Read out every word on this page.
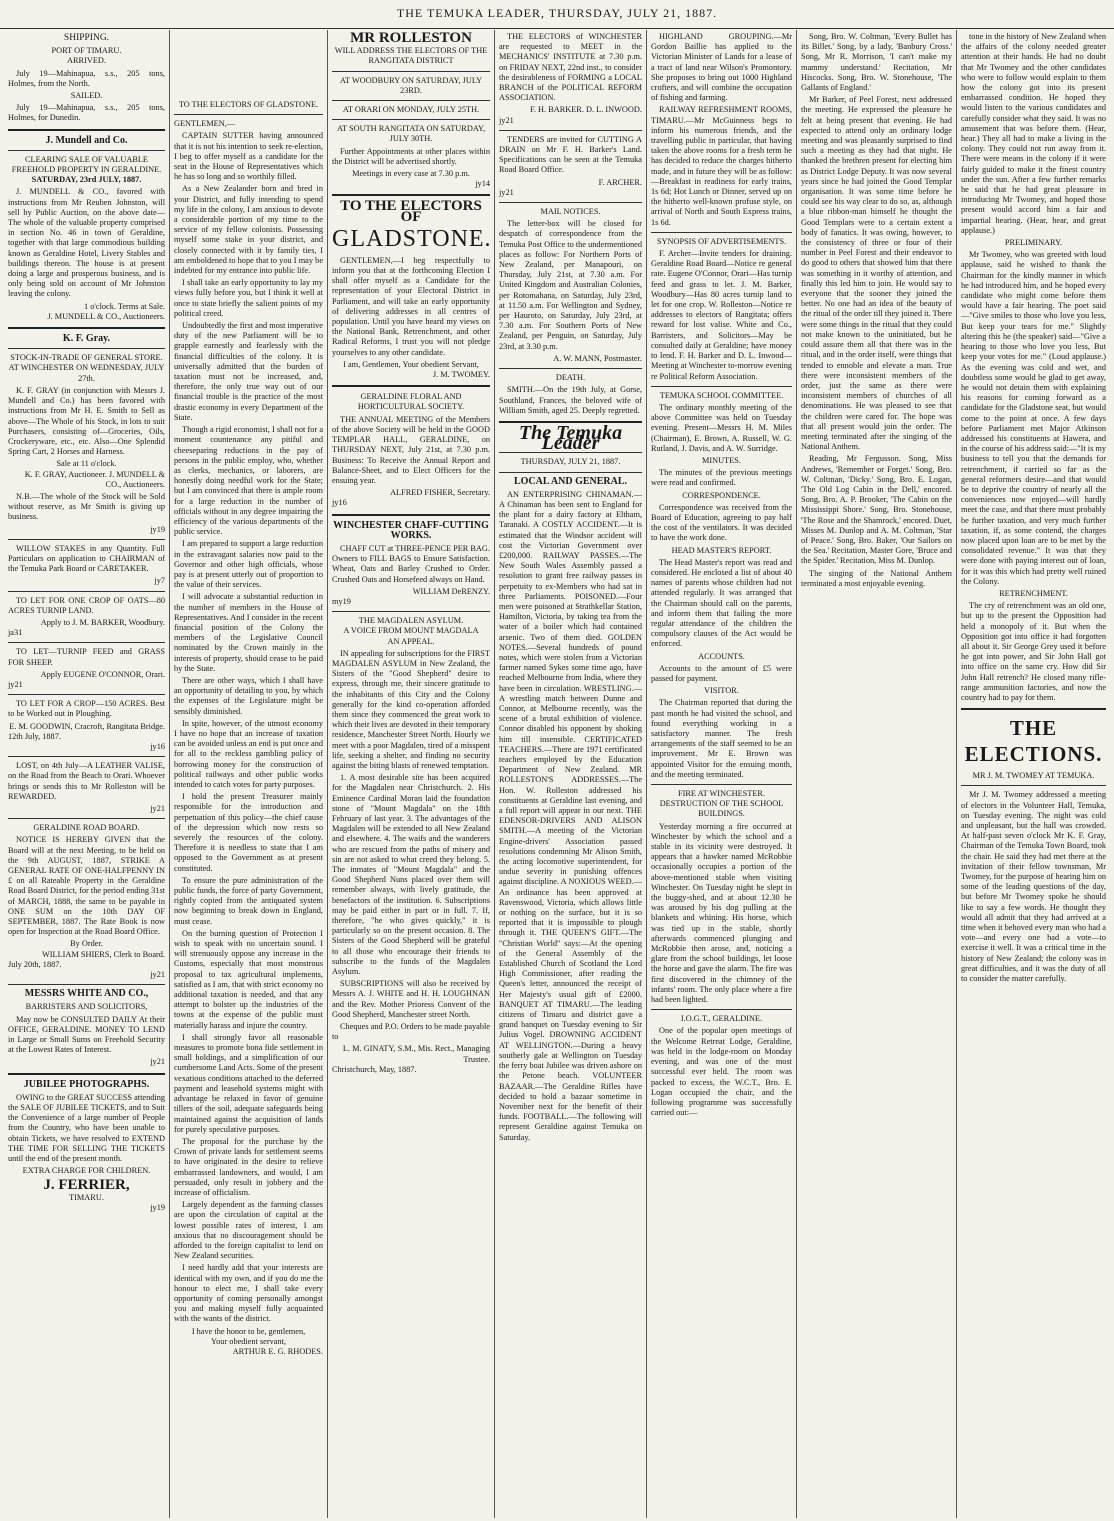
THE TEMUKA LEADER, THURSDAY, JULY 21, 1887.
SHIPPING.
PORT OF TIMARU.
ARRIVED.

July 19—Mahinapua, s.s., 205 tons, Holmes, from the North.

SAILED.

July 19—Mahinapua, s.s., 205 tons, Holmes, for Dunedin.

J. Mundell and Co.
CLEARING SALE OF VALUABLE FREEHOLD PROPERTY IN GERALDINE.
SATURDAY, 23rd JULY, 1887.

J. MUNDELL & CO., favored with instructions from Mr Reuben Johnston, will sell by Public Auction, on the above date—The whole of the valuable property comprised in section No. 46 in town of Geraldine, together with that large commodious building known as Geraldine Hotel, Livery Stables and buildings thereon. The house is at present doing a large and prosperous business, and is only being sold on account of Mr Johnston leaving the colony.

1 o'clock. Terms at Sale.
J. MUNDELL & CO., Auctioneers.
K. F. Gray.
STOCK-IN-TRADE OF GENERAL STORE.
AT WINCHESTER ON WEDNESDAY, JULY 27th.

K. F. GRAY (in conjunction with Messrs J. Mundell and Co.) has been favored with instructions from Mr H. E. Smith to Sell as above—The Whole of his Stock, in lots to suit Purchasers, consisting of—Groceries, Oils, Crockeryware, etc., etc. Also—One Splendid Spring Cart, 2 Horses and Harness.

Sale at 11 o'clock.
K. F. GRAY, Auctioneer. J. MUNDELL & CO., Auctioneers.

N.B.—The whole of the Stock will be Sold without reserve, as Mr Smith is giving up business.

jy19

WILLOW STAKES in any Quantity. Full Particulars on application to CHAIRMAN of the Temuka Park Board or CARETAKER.

jy7

TO LET FOR ONE CROP OF OATS—80 ACRES TURNIP LAND.

Apply to J. M. BARKER, Woodbury.
ja31

TO LET—TURNIP FEED and GRASS FOR SHEEP.

Apply EUGENE O'CONNOR, Orari.
jy21

TO LET FOR A CROP—150 ACRES. Best to be Worked out in Ploughing.

E. M. GOODWIN, Cracroft, Rangitata Bridge.
12th July, 1887.
jy16

LOST, on 4th July—A LEATHER VALISE, on the Road from the Beach to Orari. Whoever brings or sends this to Mr Rolleston will be REWARDED.

jy21
GERALDINE ROAD BOARD.

NOTICE IS HEREBY GIVEN that the Board will at the next Meeting, to be held on the 9th AUGUST, 1887, STRIKE A GENERAL RATE OF ONE-HALFPENNY IN £ on all Rateable Property in the Geraldine Road Board District, for the period ending 31st of MARCH, 1888, the same to be payable in ONE SUM on the 10th DAY OF SEPTEMBER, 1887. The Rate Book is now open for Inspection at the Road Board Office.

By Order.
WILLIAM SHIERS, Clerk to Board.
July 20th, 1887.
jy21
MESSRS WHITE AND CO.,
BARRISTERS AND SOLICITORS,

May now be CONSULTED DAILY At their OFFICE, GERALDINE. MONEY TO LEND in Large or Small Sums on Freehold Security at the Lowest Rates of Interest.

jy21
JUBILEE PHOTOGRAPHS.

OWING to the GREAT SUCCESS attending the SALE OF JUBILEE TICKETS, and to Suit the Convenience of a large number of People from the Country, who have been unable to obtain Tickets, we have resolved to EXTEND THE TIME FOR SELLING THE TICKETS until the end of the present month.

EXTRA CHARGE FOR CHILDREN.
J. FERRIER,
TIMARU.
jy19
TO THE ELECTORS OF GLADSTONE.
GENTLEMEN,—

CAPTAIN SUTTER having announced that it is not his intention to seek re-election, I beg to offer myself as a candidate for the seat in the House of Representatives which he has so long and so worthily filled.

As a New Zealander born and bred in your District, and fully intending to spend my life in the colony, I am anxious to devote a considerable portion of my time to the service of my fellow colonists. Possessing myself some stake in your district, and closely connected with it by family ties, I am emboldened to hope that to you I may be indebted for my entrance into public life.

I shall take an early opportunity to lay my views fully before you, but I think it well at once to state briefly the salient points of my political creed.

Undoubtedly the first and most imperative duty of the new Parliament will be to grapple earnestly and fearlessly with the financial difficulties of the colony. It is universally admitted that the burden of taxation must not be increased, and, therefore, the only true way out of our financial trouble is the practice of the most drastic economy in every Department of the State.

Though a rigid economist, I shall not for a moment countenance any pitiful and cheeseparing reductions in the pay of persons in the public employ, who, whether as clerks, mechanics, or laborers, are honestly doing needful work for the State; but I am convinced that there is ample room for a large reduction in the number of officials without in any degree impairing the efficiency of the various departments of the public service.

I am prepared to support a large reduction in the extravagant salaries now paid to the Governor and other high officials, whose pay is at present utterly out of proportion to the value of their services.

I will advocate a substantial reduction in the number of members in the House of Representatives. And I consider in the recent financial position of the Colony the members of the Legislative Council nominated by the Crown mainly in the interests of property, should cease to be paid by the State.

There are other ways, which I shall have an opportunity of detailing to you, by which the expenses of the Legislature might be sensibly diminished.

In spite, however, of the utmost economy I have no hope that an increase of taxation can be avoided unless an end is put once and for all to the reckless gambling policy of borrowing money for the construction of political railways and other public works intended to catch votes for party purposes.

I hold the present Treasurer mainly responsible for the introduction and perpetuation of this policy—the chief cause of the depression which now rests so severely the resources of the colony. Therefore it is needless to state that I am opposed to the Government as at present constituted.

To ensure the pure administration of the public funds, the force of party Government, rightly copied from the antiquated system now beginning to break down in England, must cease.

On the burning question of Protection I wish to speak with no uncertain sound. I will strenuously oppose any increase in the Customs, especially that most monstrous proposal to tax agricultural implements, satisfied as I am, that with strict economy no additional taxation is needed, and that any attempt to bolster up the industries of the towns at the expense of the public must materially harass and injure the country.

I shall strongly favor all reasonable measures to promote bona fide settlement in small holdings, and a simplification of our cumbersome Land Acts. Some of the present vexatious conditions attached to the deferred payment and leasehold systems might with advantage be relaxed in favor of genuine tillers of the soil, adequate safeguards being maintained against the acquisition of lands for purely speculative purposes.

The proposal for the purchase by the Crown of private lands for settlement seems to have originated in the desire to relieve embarrassed landowners, and would, I am persuaded, only result in jobbery and the increase of officialism.

Largely dependent as the farming classes are upon the circulation of capital at the lowest possible rates of interest, I am anxious that no discouragement should be afforded to the foreign capitalist to lend on New Zealand securities.

I need hardly add that your interests are identical with my own, and if you do me the honour to elect me, I shall take every opportunity of coming personally amongst you and making myself fully acquainted with the wants of the district.

I have the honor to be, gentlemen,
Your obedient servant,
ARTHUR E. G. RHODES.
MR ROLLESTON
WILL ADDRESS THE ELECTORS OF THE RANGITATA DISTRICT
AT WOODBURY ON SATURDAY, JULY 23RD.
AT ORARI ON MONDAY, JULY 25TH.
AT SOUTH RANGITATA ON SATURDAY, JULY 30TH.

Further Appointments at other places within the District will be advertised shortly.

Meetings in every case at 7.30 p.m.
jy14
TO THE ELECTORS OF
GLADSTONE.

GENTLEMEN,—I beg respectfully to inform you that at the forthcoming Election I shall offer myself as a Candidate for the representation of your Electoral District in Parliament, and will take an early opportunity of delivering addresses in all centres of population. Until you have heard my views on the National Bank, Retrenchment, and other Radical Reforms, I trust you will not pledge yourselves to any other candidate.

I am, Gentlemen, Your obedient Servant,
J. M. TWOMEY.
GERALDINE FLORAL AND HORTICULTURAL SOCIETY.

THE ANNUAL MEETING of the Members of the above Society will be held in the GOOD TEMPLAR HALL, GERALDINE, on THURSDAY NEXT, July 21st, at 7.30 p.m. Business: To Receive the Annual Report and Balance-Sheet, and to Elect Officers for the ensuing year.

ALFRED FISHER, Secretary.
jy16
WINCHESTER CHAFF-CUTTING WORKS.

CHAFF CUT at THREE-PENCE PER BAG. Owners to FILL BAGS to Ensure Satisfaction. Wheat, Oats and Barley Crushed to Order. Crushed Oats and Horsefeed always on Hand.

WILLIAM DeRENZY.
my19
THE MAGDALEN ASYLUM.
A VOICE FROM MOUNT MAGDALA
AN APPEAL.

IN appealing for subscriptions for the FIRST MAGDALEN ASYLUM in New Zealand, the Sisters of the "Good Shepherd" desire to express, through me, their sincere gratitude to the inhabitants of this City and the Colony generally for the kind co-operation afforded them since they commenced the great work to which their lives are devoted in their temporary residence, Manchester Street North. Hourly we meet with a poor Magdalen, tired of a misspent life, seeking a shelter, and finding no security against the biting blasts of renewed temptation.

1. A most desirable site has been acquired for the Magdalen near Christchurch. 2. His Eminence Cardinal Moran laid the foundation stone of "Mount Magdala" on the 18th February of last year. 3. The advantages of the Magdalen will be extended to all New Zealand and elsewhere. 4. The waifs and the wanderers who are rescued from the paths of misery and sin are not asked to what creed they belong. 5. The inmates of "Mount Magdala" and the Good Shepherd Nuns placed over them will remember always, with lively gratitude, the benefactors of the institution. 6. Subscriptions may be paid either in part or in full. 7. If, therefore, "he who gives quickly," it is particularly so on the present occasion. 8. The Sisters of the Good Shepherd will be grateful to all those who encourage their friends to subscribe to the funds of the Magdalen Asylum.

SUBSCRIPTIONS will also be received by Messrs A. J. WHITE and H. H. LOUGHNAN and the Rev. Mother Prioress Convent of the Good Shepherd, Manchester street North.

Cheques and P.O. Orders to be made payable to

L. M. GINATY, S.M., Mis. Rect., Managing Trustee.
Christchurch, May, 1887.

THE ELECTORS of WINCHESTER are requested to MEET in the MECHANICS' INSTITUTE at 7.30 p.m. on FRIDAY NEXT, 22nd inst., to consider the desirableness of FORMING a LOCAL BRANCH of the POLITICAL REFORM ASSOCIATION.

F. H. BARKER. D. L. INWOOD.
jy21

TENDERS are invited for CUTTING A DRAIN on Mr F. H. Barker's Land. Specifications can be seen at the Temuka Road Board Office.

F. ARCHER.
jy21
MAIL NOTICES.

The letter-box will be closed for despatch of correspondence from the Temuka Post Office to the undermentioned places as follow: For Northern Ports of New Zealand, per Manapouri, on Thursday, July 21st, at 7.30 a.m. For United Kingdom and Australian Colonies, per Rotomahana, on Saturday, July 23rd, at 11.50 a.m. For Wellington and Sydney, per Hauroto, on Saturday, July 23rd, at 7.30 a.m. For Southern Ports of New Zealand, per Penguin, on Saturday, July 23rd, at 3.30 p.m.

A. W. MANN, Postmaster.
DEATH.

SMITH.—On the 19th July, at Gorse, Southland, Frances, the beloved wife of William Smith, aged 25. Deeply regretted.

The Temuka Leader
THURSDAY, JULY 21, 1887.
LOCAL AND GENERAL.

AN ENTERPRISING CHINAMAN.—A Chinaman has been sent to England for the plant for a dairy factory at Eltham, Taranaki. A COSTLY ACCIDENT.—It is estimated that the Windsor accident will cost the Victorian Government over £200,000. RAILWAY PASSES.—The New South Wales Assembly passed a resolution to grant free railway passes in perpetuity to ex-Members who had sat in three Parliaments. POISONED.—Four men were poisoned at Strathkellar Station, Hamilton, Victoria, by taking tea from the water of a boiler which had contained arsenic. Two of them died. GOLDEN NOTES.—Several hundreds of pound notes, which were stolen from a Victorian farmer named Sykes some time ago, have reached Melbourne from India, where they have been in circulation. WRESTLING.—A wrestling match between Dunne and Connor, at Melbourne recently, was the scene of a brutal exhibition of violence. Connor disabled his opponent by shoking him till insensible. CERTIFICATED TEACHERS.—There are 1971 certificated teachers employed by the Education Department of New Zealand. MR ROLLESTON'S ADDRESSES.—The Hon. W. Rolleston addressed his constituents at Geraldine last evening, and a full report will appear in our next. THE EDENSOR-DRIVERS AND ALISON SMITH.—A meeting of the Victorian Engine-drivers' Association passed resolutions condemning Mr Alison Smith, the acting locomotive superintendent, for undue severity in punishing offences against discipline. A NOXIOUS WEED.—An ordinance has been approved at Ravenswood, Victoria, which allows little or nothing on the surface, but it is so reported that it is impossible to plough through it. THE QUEEN'S GIFT.—The "Christian World" says:—At the opening of the General Assembly of the Established Church of Scotland the Lord High Commissioner, after reading the Queen's letter, announced the receipt of Her Majesty's usual gift of £2000. BANQUET AT TIMARU.—The leading citizens of Timaru and district gave a grand banquet on Tuesday evening to Sir Julius Vogel. DROWNING ACCIDENT AT WELLINGTON.—During a heavy southerly gale at Wellington on Tuesday the ferry boat Jubilee was driven ashore on the Petone beach. VOLUNTEER BAZAAR.—The Geraldine Rifles have decided to hold a bazaar sometime in November next for the benefit of their funds. FOOTBALL.—The following will represent Geraldine against Temuka on Saturday.

HIGHLAND GROUPING.—Mr Gordon Baillie has applied to the Victorian Minister of Lands for a lease of a tract of land near Wilson's Promontory. She proposes to bring out 1000 Highland crofters, and will combine the occupation of fishing and farming.

RAILWAY REFRESHMENT ROOMS, TIMARU.—Mr McGuinness begs to inform his numerous friends, and the travelling public in particular, that having taken the above rooms for a fresh term he has decided to reduce the charges hitherto made, and in future they will be as follow:—Breakfast in readiness for early trains, 1s 6d; Hot Lunch or Dinner, served up on the hitherto well-known profuse style, on arrival of North and South Express trains, 1s 6d.

SYNOPSIS OF ADVERTISEMENTS.

F. Archer—Invite tenders for draining. Geraldine Road Board—Notice re general rate. Eugene O'Connor, Orari—Has turnip feed and grass to let. J. M. Barker, Woodbury—Has 80 acres turnip land to let for one crop. W. Rolleston—Notice re addresses to electors of Rangitata; offers reward for lost valise. White and Co., Barristers, and Solicitors—May be consulted daily at Geraldine; have money to lend. F. H. Barker and D. L. Inwood—Meeting at Winchester to-morrow evening re Political Reform Association.

TEMUKA SCHOOL COMMITTEE.

The ordinary monthly meeting of the above Committee was held on Tuesday evening. Present—Messrs H. M. Miles (Chairman), E. Brown, A. Russell, W. G. Rutland, J. Davis, and A. W. Surridge.

MINUTES.

The minutes of the previous meetings were read and confirmed.

CORRESPONDENCE.

Correspondence was received from the Board of Education, agreeing to pay half the cost of the ventilators. It was decided to have the work done.

HEAD MASTER'S REPORT.

The Head Master's report was read and considered. He enclosed a list of about 40 names of parents whose children had not attended regularly. It was arranged that the Chairman should call on the parents, and inform them that failing the more regular attendance of the children the compulsory clauses of the Act would be enforced.

ACCOUNTS.

Accounts to the amount of £5 were passed for payment.

VISITOR.

The Chairman reported that during the past month he had visited the school, and found everything working in a satisfactory manner. The fresh arrangements of the staff seemed to be an improvement. Mr E. Brown was appointed Visitor for the ensuing month, and the meeting terminated.

FIRE AT WINCHESTER.
DESTRUCTION OF THE SCHOOL BUILDINGS.

Yesterday morning a fire occurred at Winchester by which the school and a stable in its vicinity were destroyed. It appears that a hawker named McRobbie occasionally occupies a portion of the above-mentioned stable when visiting Winchester. On Tuesday night he slept in the buggy-shed, and at about 12.30 he was aroused by his dog pulling at the blankets and whining. His horse, which was tied up in the stable, shortly afterwards commenced plunging and McRobbie then arose, and, noticing a glare from the school buildings, let loose the horse and gave the alarm. The fire was first discovered in the chimney of the infants' room. The only place where a fire had been lighted.

I.O.G.T., GERALDINE.

One of the popular open meetings of the Welcome Retreat Lodge, Geraldine, was held in the lodge-room on Monday evening, and was one of the most successful ever held. The room was packed to excess, the W.C.T., Bro. E. Logan occupied the chair, and the following programme was successfully carried out:—

Song, Bro. W. Coltman, 'Every Bullet has its Billet.' Song, by a lady, 'Banbury Cross.' Song, Mr R. Morrison, 'I can't make my mammy understand.' Recitation, Mr Hiscocks. Song, Bro. W. Stonehouse, 'The Gallants of England.'

Mr Barker, of Peel Forest, next addressed the meeting. He expressed the pleasure he felt at being present that evening. He had expected to attend only an ordinary lodge meeting and was pleasantly surprised to find such a meeting as they had that night. He thanked the brethren present for electing him as District Lodge Deputy. It was now several years since he had joined the Good Templar organisation. It was some time before he could see his way clear to do so, as, although a blue ribbon-man himself he thought the Good Templars were to a certain extent a body of fanatics. It was owing, however, to the consistency of three or four of their number in Peel Forest and their endeavor to do good to others that showed him that there was something in it worthy of attention, and finally this led him to join. He would say to everyone that the sooner they joined the better. No one had an idea of the beauty of the ritual of the order till they joined it. There were some things in the ritual that they could not make known to the uninitiated, but he could assure them all that there was in the ritual, and in the order itself, were things that tended to ennoble and elevate a man. True there were inconsistent members of the order, just the same as there were inconsistent members of churches of all denominations. He was pleased to see that the children were cared for. The hope was that all present would join the order. The meeting terminated after the singing of the National Anthem.

Reading, Mr Fergusson. Song, Miss Andrews, 'Remember or Forget.' Song, Bro. W. Coltman, 'Dicky.' Song, Bro. E. Logan, 'The Old Log Cabin in the Dell,' encored. Song, Bro. A. P. Brooker, 'The Cabin on the Mississippi Shore.' Song, Bro. Stonehouse, 'The Rose and the Shamrock,' encored. Duet, Misses M. Dunlop and A. M. Coltman, 'Star of Peace.' Song, Bro. Baker, 'Our Sailors on the Sea.' Recitation, Master Gore, 'Bruce and the Spider.' Recitation, Miss M. Dunlop.

The singing of the National Anthem terminated a most enjoyable evening.

tone in the history of New Zealand when the affairs of the colony needed greater attention at their hands. He had no doubt that Mr Twomey and the other candidates who were to follow would explain to them how the colony got into its present embarrassed condition. He hoped they would listen to the various candidates and carefully consider what they said. It was no amusement that was before them. (Hear, hear.) They all had to make a living in the colony. They could not run away from it. There were means in the colony if it were fairly guided to make it the finest country under the sun. After a few further remarks he said that he had great pleasure in introducing Mr Twomey, and hoped those present would accord him a fair and impartial hearing. (Hear, hear, and great applause.)

PRELIMINARY.

Mr Twomey, who was greeted with loud applause, said he wished to thank the Chairman for the kindly manner in which he had introduced him, and he hoped every candidate who might come before them would have a fair hearing. The poet said—"Give smiles to those who love you less, But keep your tears for me." Slightly altering this he (the speaker) said—"Give a hearing to those who love you less, But keep your votes for me." (Loud applause.) As the evening was cold and wet, and doubtless some would be glad to get away, he would not detain them with explaining his reasons for coming forward as a candidate for the Gladstone seat, but would come to the point at once. A few days before Parliament met Major Atkinson addressed his constituents at Hawera, and in the course of his address said:—"It is my business to tell you that the demands for retrenchment, if carried so far as the general reformers desire—and that would be to deprive the country of nearly all the conveniences now enjoyed—will hardly meet the case, and that there must probably be further taxation, and very much further taxation, if, as some contend, the charges now placed upon loan are to be met by the consolidated revenue." It was that they were done with paying interest out of loan, for it was this which had pretty well ruined the Colony.

RETRENCHMENT.

The cry of retrenchment was an old one, but up to the present the Opposition had held a monopoly of it. But when the Opposition got into office it had forgotten all about it. Sir George Grey used it before he got into power, and Sir John Hall got into office on the same cry. How did Sir John Hall retrench? He closed many rifle-range ammunition factories, and now the country had to pay for them.

THE ELECTIONS.
MR J. M. TWOMEY AT TEMUKA.

Mr J. M. Twomey addressed a meeting of electors in the Volunteer Hall, Temuka, on Tuesday evening. The night was cold and unpleasant, but the hall was crowded. At half-past seven o'clock Mr K. F. Gray, Chairman of the Temuka Town Board, took the chair. He said they had met there at the invitation of their fellow townsman, Mr Twomey, for the purpose of hearing him on some of the leading questions of the day, but before Mr Twomey spoke he should like to say a few words. He thought they would all admit that they had arrived at a time when it behoved every man who had a vote—and every one had a vote—to exercise it well. It was a critical time in the history of New Zealand; the colony was in great difficulties, and it was the duty of all to consider the matter carefully.
